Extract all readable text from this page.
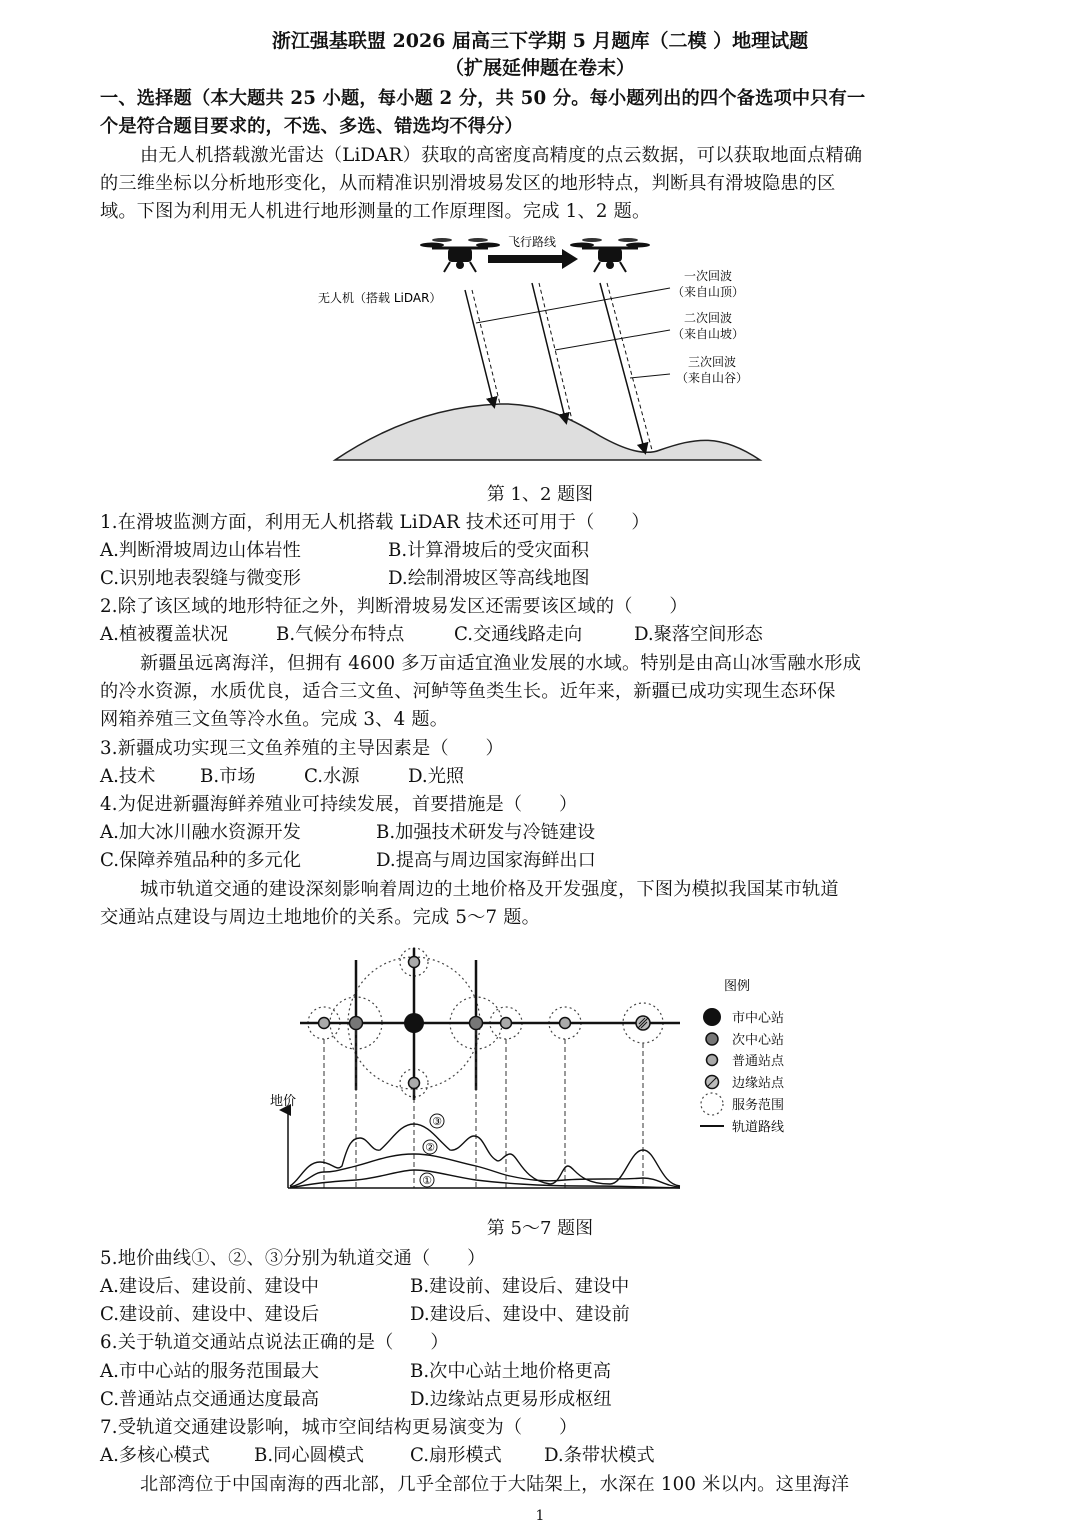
浙江强基联盟 2026 届高三下学期 5 月题库（二模 ）地理试题
（扩展延伸题在卷末）
一、选择题（本大题共 25 小题，每小题 2 分，共 50 分。每小题列出的四个备选项中只有一
个是符合题目要求的，不选、多选、错选均不得分）
由无人机搭载激光雷达（LiDAR）获取的高密度高精度的点云数据，可以获取地面点精确
的三维坐标以分析地形变化，从而精准识别滑坡易发区的地形特点，判断具有滑坡隐患的区
域。下图为利用无人机进行地形测量的工作原理图。完成 1、2 题。
飞行路线
无人机（搭载 LiDAR）
一次回波
（来自山顶）
二次回波
（来自山坡）
三次回波
（来自山谷）
第 1、2 题图
1.在滑坡监测方面，利用无人机搭载 LiDAR 技术还可用于（　　）
A.判断滑坡周边山体岩性	B.计算滑坡后的受灾面积
C.识别地表裂缝与微变形	D.绘制滑坡区等高线地图
2.除了该区域的地形特征之外，判断滑坡易发区还需要该区域的（　　）
A.植被覆盖状况	B.气候分布特点	C.交通线路走向	D.聚落空间形态
新疆虽远离海洋，但拥有 4600 多万亩适宜渔业发展的水域。特别是由高山冰雪融水形成
的冷水资源，水质优良，适合三文鱼、河鲈等鱼类生长。近年来，新疆已成功实现生态环保
网箱养殖三文鱼等冷水鱼。完成 3、4 题。
3.新疆成功实现三文鱼养殖的主导因素是（　　）
A.技术 B.市场	C.水源	D.光照
4.为促进新疆海鲜养殖业可持续发展，首要措施是（　　）
A.加大冰川融水资源开发	B.加强技术研发与冷链建设
C.保障养殖品种的多元化	D.提高与周边国家海鲜出口
城市轨道交通的建设深刻影响着周边的土地价格及开发强度，下图为模拟我国某市轨道
交通站点建设与周边土地地价的关系。完成 5～7 题。
地价
③
②
①
图例
市中心站
次中心站
普通站点
边缘站点
服务范围
轨道路线
第 5～7 题图
5.地价曲线①、②、③分别为轨道交通（　　）
A.建设后、建设前、建设中	B.建设前、建设后、建设中
C.建设前、建设中、建设后	D.建设后、建设中、建设前
6.关于轨道交通站点说法正确的是（　　）
A.市中心站的服务范围最大	B.次中心站土地价格更高
C.普通站点交通通达度最高	D.边缘站点更易形成枢纽
7.受轨道交通建设影响，城市空间结构更易演变为（　　）
A.多核心模式 B.同心圆模式	C.扇形模式 D.条带状模式
北部湾位于中国南海的西北部，几乎全部位于大陆架上，水深在 100 米以内。这里海洋
1
